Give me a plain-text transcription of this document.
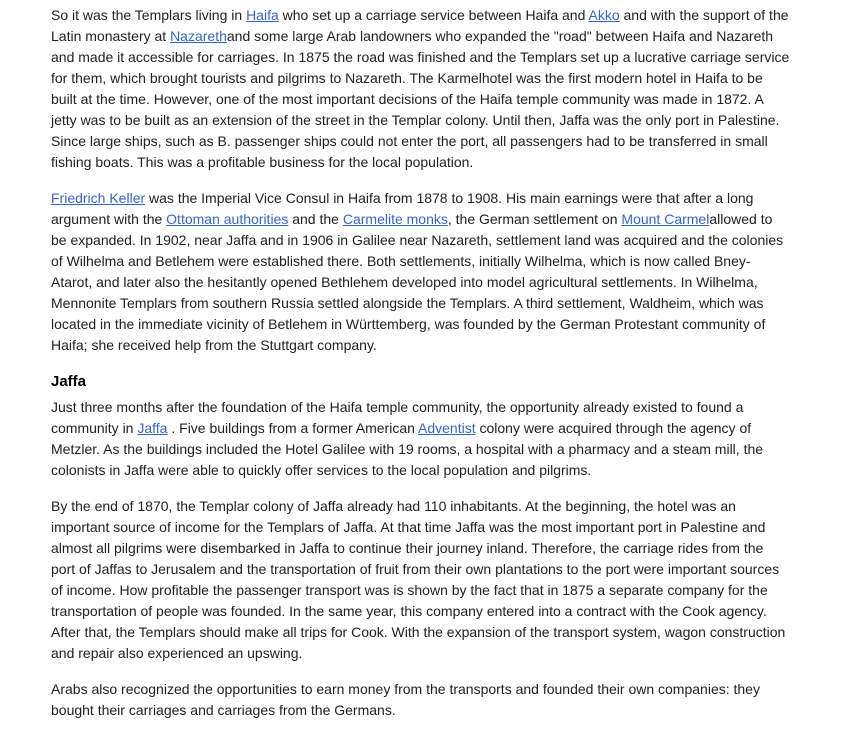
So it was the Templars living in Haifa who set up a carriage service between Haifa and Akko and with the support of the Latin monastery at Nazarethand some large Arab landowners who expanded the "road" between Haifa and Nazareth and made it accessible for carriages. In 1875 the road was finished and the Templars set up a lucrative carriage service for them, which brought tourists and pilgrims to Nazareth. The Karmelhotel was the first modern hotel in Haifa to be built at the time. However, one of the most important decisions of the Haifa temple community was made in 1872. A jetty was to be built as an extension of the street in the Templar colony. Until then, Jaffa was the only port in Palestine. Since large ships, such as B. passenger ships could not enter the port, all passengers had to be transferred in small fishing boats. This was a profitable business for the local population.

Friedrich Keller was the Imperial Vice Consul in Haifa from 1878 to 1908. His main earnings were that after a long argument with the Ottoman authorities and the Carmelite monks, the German settlement on Mount Carmelallowed to be expanded. In 1902, near Jaffa and in 1906 in Galilee near Nazareth, settlement land was acquired and the colonies of Wilhelma and Betlehem were established there. Both settlements, initially Wilhelma, which is now called Bney-Atarot, and later also the hesitantly opened Bethlehem developed into model agricultural settlements. In Wilhelma, Mennonite Templars from southern Russia settled alongside the Templars. A third settlement, Waldheim, which was located in the immediate vicinity of Betlehem in Württemberg, was founded by the German Protestant community of Haifa; she received help from the Stuttgart company.

Jaffa

Just three months after the foundation of the Haifa temple community, the opportunity already existed to found a community in Jaffa . Five buildings from a former American Adventist colony were acquired through the agency of Metzler. As the buildings included the Hotel Galilee with 19 rooms, a hospital with a pharmacy and a steam mill, the colonists in Jaffa were able to quickly offer services to the local population and pilgrims.

By the end of 1870, the Templar colony of Jaffa already had 110 inhabitants. At the beginning, the hotel was an important source of income for the Templars of Jaffa. At that time Jaffa was the most important port in Palestine and almost all pilgrims were disembarked in Jaffa to continue their journey inland. Therefore, the carriage rides from the port of Jaffas to Jerusalem and the transportation of fruit from their own plantations to the port were important sources of income. How profitable the passenger transport was is shown by the fact that in 1875 a separate company for the transportation of people was founded. In the same year, this company entered into a contract with the Cook agency. After that, the Templars should make all trips for Cook. With the expansion of the transport system, wagon construction and repair also experienced an upswing.

Arabs also recognized the opportunities to earn money from the transports and founded their own companies: they bought their carriages and carriages from the Germans.
